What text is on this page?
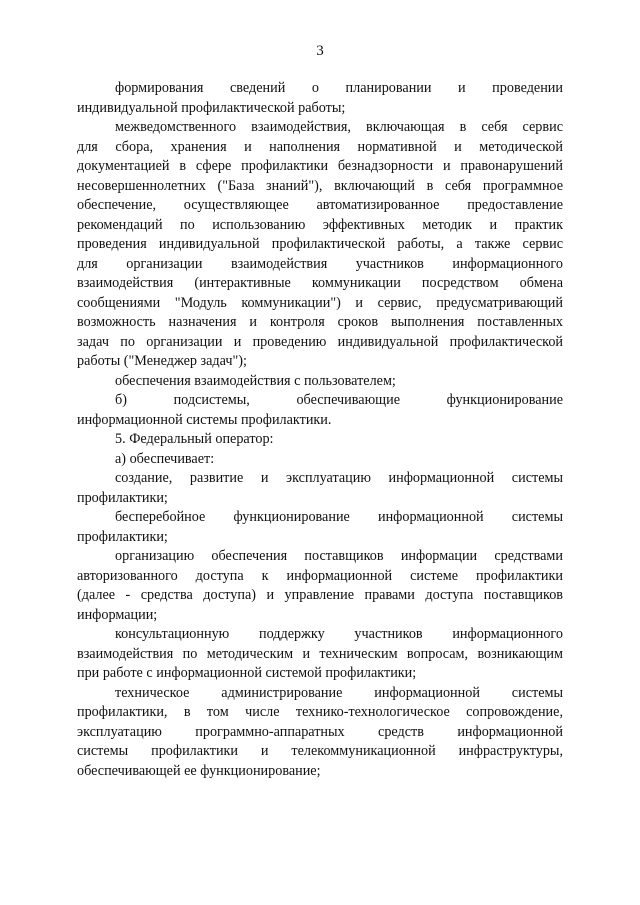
3
формирования сведений о планировании и проведении
индивидуальной профилактической работы;
межведомственного взаимодействия, включающая в себя сервис
для сбора, хранения и наполнения нормативной и методической
документацией в сфере профилактики безнадзорности и правонарушений
несовершеннолетних ("База знаний"), включающий в себя программное
обеспечение, осуществляющее автоматизированное предоставление
рекомендаций по использованию эффективных методик и практик
проведения индивидуальной профилактической работы, а также сервис
для организации взаимодействия участников информационного
взаимодействия (интерактивные коммуникации посредством обмена
сообщениями "Модуль коммуникации") и сервис, предусматривающий
возможность назначения и контроля сроков выполнения поставленных
задач по организации и проведению индивидуальной профилактической
работы ("Менеджер задач");
обеспечения взаимодействия с пользователем;
б) подсистемы, обеспечивающие функционирование
информационной системы профилактики.
5. Федеральный оператор:
а) обеспечивает:
создание, развитие и эксплуатацию информационной системы
профилактики;
бесперебойное функционирование информационной системы
профилактики;
организацию обеспечения поставщиков информации средствами
авторизованного доступа к информационной системе профилактики
(далее - средства доступа) и управление правами доступа поставщиков
информации;
консультационную поддержку участников информационного
взаимодействия по методическим и техническим вопросам, возникающим
при работе с информационной системой профилактики;
техническое администрирование информационной системы
профилактики, в том числе технико-технологическое сопровождение,
эксплуатацию программно-аппаратных средств информационной
системы профилактики и телекоммуникационной инфраструктуры,
обеспечивающей ее функционирование;
